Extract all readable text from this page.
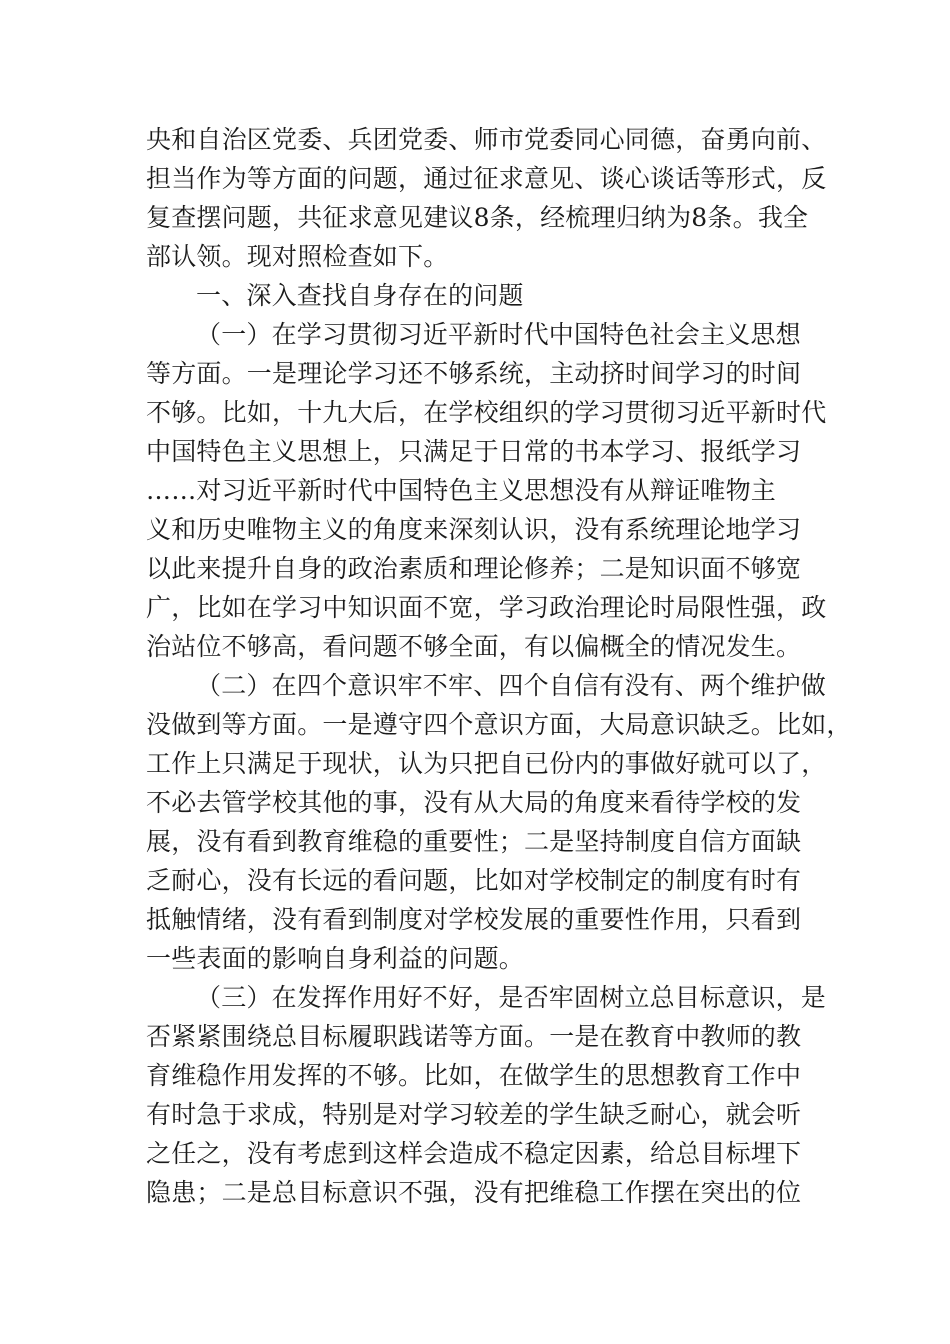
央和自治区党委、兵团党委、师市党委同心同德，奋勇向前、

担当作为等方面的问题，通过征求意见、谈心谈话等形式，反

复查摆问题，共征求意见建议8条，经梳理归纳为8条。我全

部认领。现对照检查如下。

一、深入查找自身存在的问题

（一）在学习贯彻习近平新时代中国特色社会主义思想

等方面。一是理论学习还不够系统，主动挤时间学习的时间

不够。比如，十九大后，在学校组织的学习贯彻习近平新时代

中国特色主义思想上，只满足于日常的书本学习、报纸学习

……对习近平新时代中国特色主义思想没有从辩证唯物主

义和历史唯物主义的角度来深刻认识，没有系统理论地学习

以此来提升自身的政治素质和理论修养；二是知识面不够宽

广，比如在学习中知识面不宽，学习政治理论时局限性强，政

治站位不够高，看问题不够全面，有以偏概全的情况发生。

（二）在四个意识牢不牢、四个自信有没有、两个维护做

没做到等方面。一是遵守四个意识方面，大局意识缺乏。比如，

工作上只满足于现状，认为只把自已份内的事做好就可以了，

不必去管学校其他的事，没有从大局的角度来看待学校的发

展，没有看到教育维稳的重要性；二是坚持制度自信方面缺

乏耐心，没有长远的看问题，比如对学校制定的制度有时有

抵触情绪，没有看到制度对学校发展的重要性作用，只看到

一些表面的影响自身利益的问题。

（三）在发挥作用好不好，是否牢固树立总目标意识，是

否紧紧围绕总目标履职践诺等方面。一是在教育中教师的教

育维稳作用发挥的不够。比如，在做学生的思想教育工作中

有时急于求成，特别是对学习较差的学生缺乏耐心，就会听

之任之，没有考虑到这样会造成不稳定因素，给总目标埋下

隐患；二是总目标意识不强，没有把维稳工作摆在突出的位
